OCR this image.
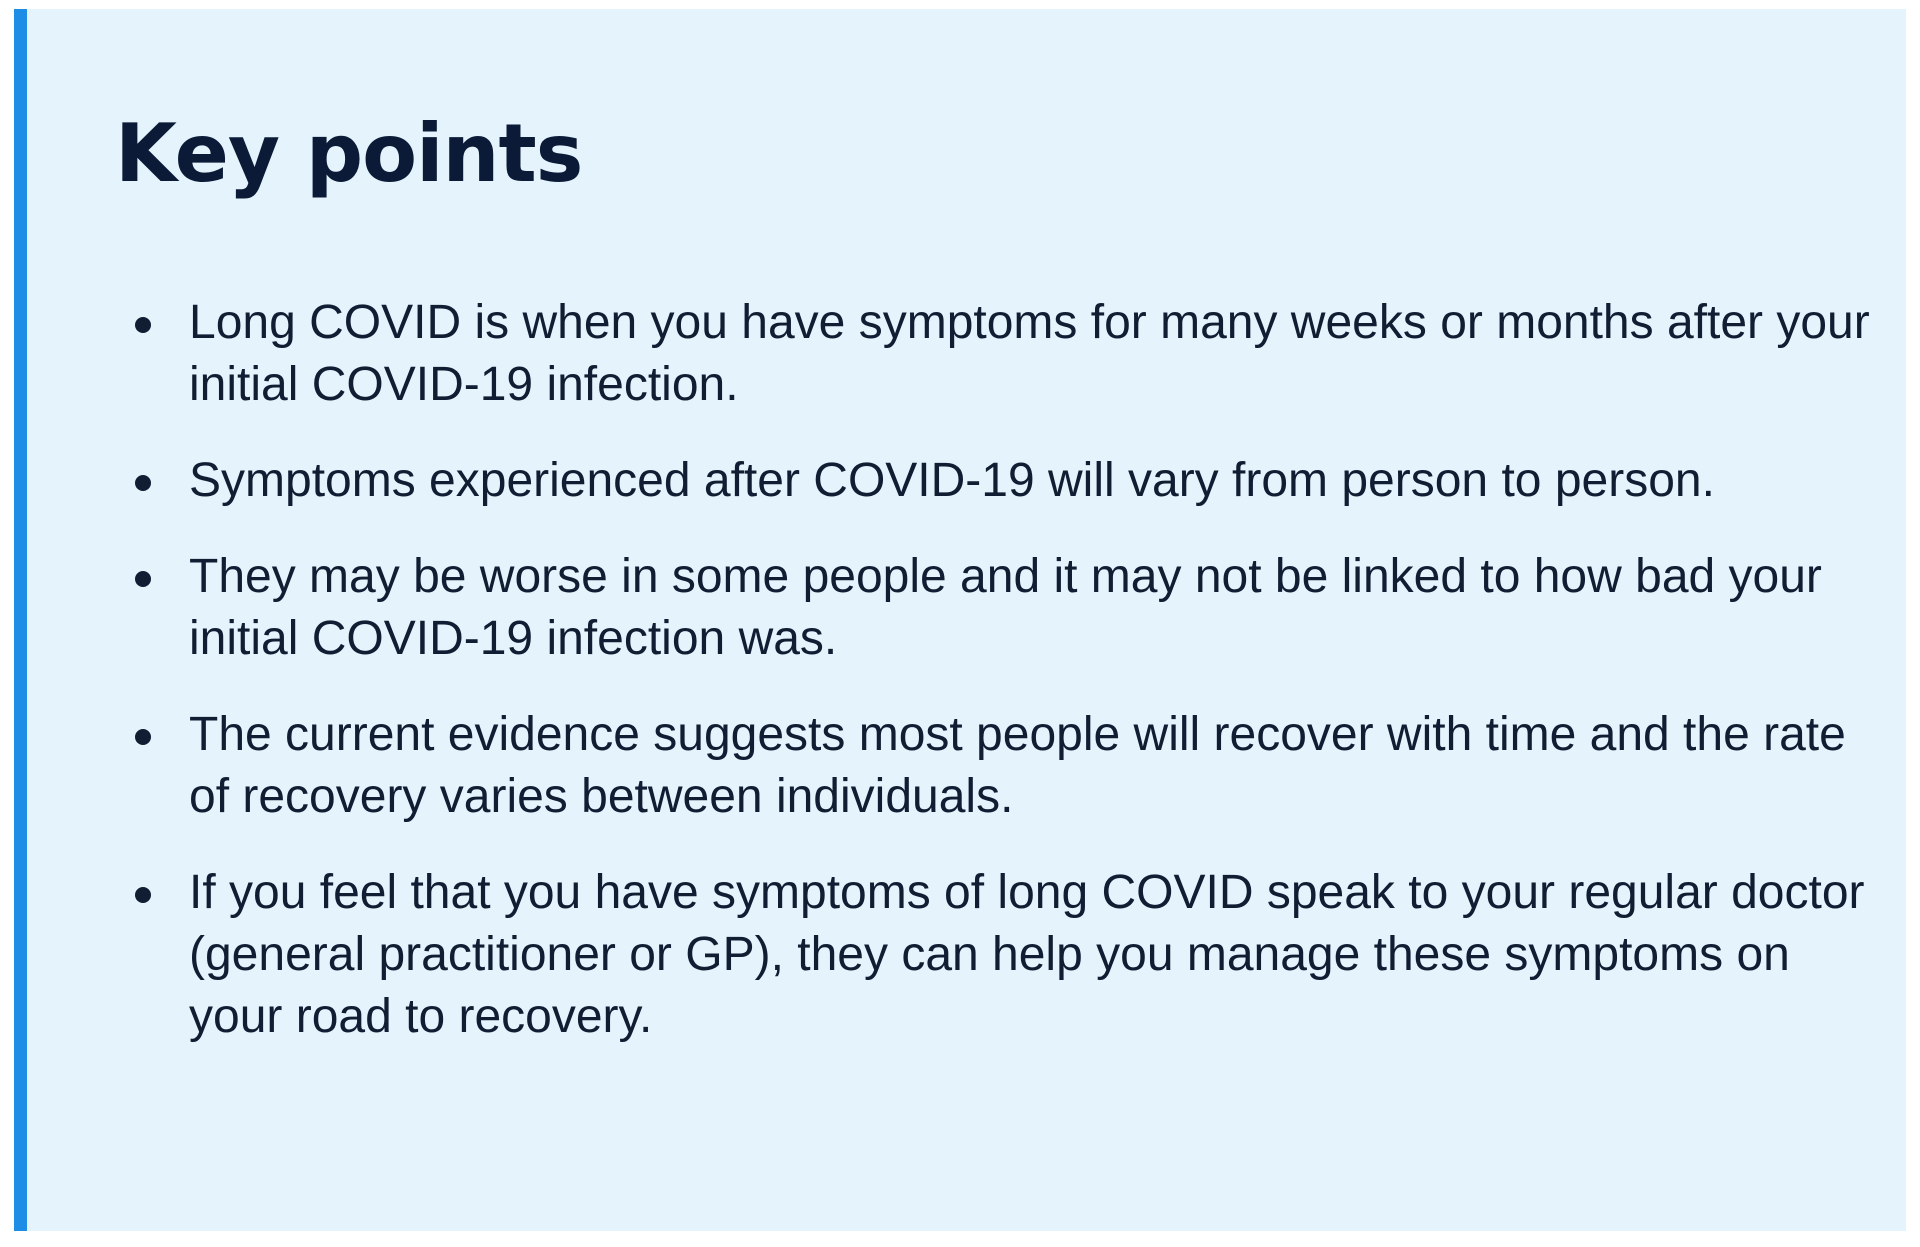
Key points
Long COVID is when you have symptoms for many weeks or months after your initial COVID-19 infection.
Symptoms experienced after COVID-19 will vary from person to person.
They may be worse in some people and it may not be linked to how bad your initial COVID-19 infection was.
The current evidence suggests most people will recover with time and the rate of recovery varies between individuals.
If you feel that you have symptoms of long COVID speak to your regular doctor (general practitioner or GP), they can help you manage these symptoms on your road to recovery.
